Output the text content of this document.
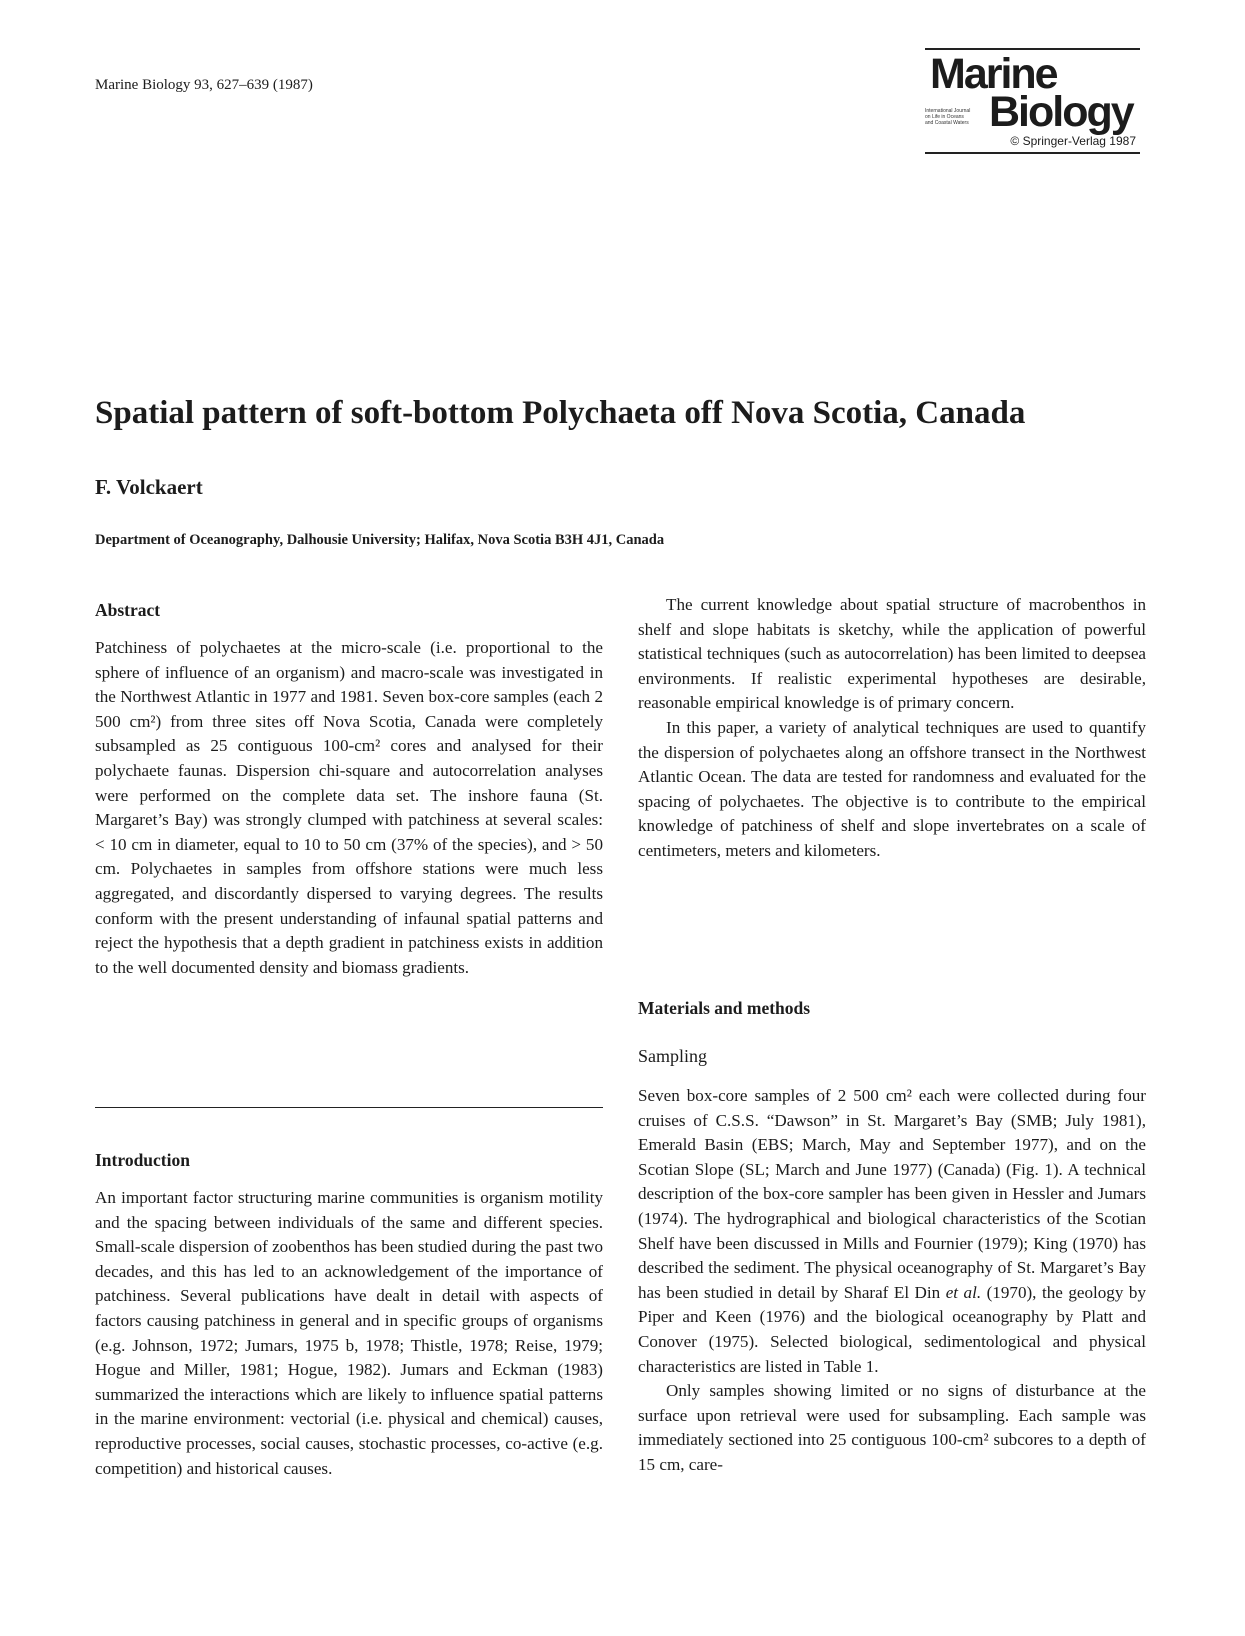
Marine Biology 93, 627–639 (1987)	Marine
International Journal
on Life in Oceans
and Coastal Waters Biology
© Springer-Verlag 1987
Spatial pattern of soft-bottom Polychaeta off Nova Scotia, Canada
F. Volckaert
Department of Oceanography, Dalhousie University; Halifax, Nova Scotia B3H 4J1, Canada
Abstract

Patchiness of polychaetes at the micro-scale (i.e. proportional to the sphere of influence of an organism) and macro-scale was investigated in the Northwest Atlantic in 1977 and 1981. Seven box-core samples (each 2 500 cm²) from three sites off Nova Scotia, Canada were completely subsampled as 25 contiguous 100-cm² cores and analysed for their polychaete faunas. Dispersion chi-square and autocorrelation analyses were performed on the complete data set. The inshore fauna (St. Margaret’s Bay) was strongly clumped with patchiness at several scales: < 10 cm in diameter, equal to 10 to 50 cm (37% of the species), and > 50 cm. Polychaetes in samples from offshore stations were much less aggregated, and discordantly dispersed to varying degrees. The results conform with the present understanding of infaunal spatial patterns and reject the hypothesis that a depth gradient in patchiness exists in addition to the well documented density and biomass gradients.

Introduction

An important factor structuring marine communities is organism motility and the spacing between individuals of the same and different species. Small-scale dispersion of zoobenthos has been studied during the past two decades, and this has led to an acknowledgement of the importance of patchiness. Several publications have dealt in detail with aspects of factors causing patchiness in general and in specific groups of organisms (e.g. Johnson, 1972; Jumars, 1975 b, 1978; Thistle, 1978; Reise, 1979; Hogue and Miller, 1981; Hogue, 1982). Jumars and Eckman (1983) summarized the interactions which are likely to influence spatial patterns in the marine environment: vectorial (i.e. physical and chemical) causes, reproductive processes, social causes, stochastic processes, co-active (e.g. competition) and historical causes.

The current knowledge about spatial structure of macrobenthos in shelf and slope habitats is sketchy, while the application of powerful statistical techniques (such as autocorrelation) has been limited to deepsea environments. If realistic experimental hypotheses are desirable, reasonable empirical knowledge is of primary concern.

In this paper, a variety of analytical techniques are used to quantify the dispersion of polychaetes along an offshore transect in the Northwest Atlantic Ocean. The data are tested for randomness and evaluated for the spacing of polychaetes. The objective is to contribute to the empirical knowledge of patchiness of shelf and slope invertebrates on a scale of centimeters, meters and kilometers.

Materials and methods
Sampling

Seven box-core samples of 2 500 cm² each were collected during four cruises of C.S.S. “Dawson” in St. Margaret’s Bay (SMB; July 1981), Emerald Basin (EBS; March, May and September 1977), and on the Scotian Slope (SL; March and June 1977) (Canada) (Fig. 1). A technical description of the box-core sampler has been given in Hessler and Jumars (1974). The hydrographical and biological characteristics of the Scotian Shelf have been discussed in Mills and Fournier (1979); King (1970) has described the sediment. The physical oceanography of St. Margaret’s Bay has been studied in detail by Sharaf El Din et al. (1970), the geology by Piper and Keen (1976) and the biological oceanography by Platt and Conover (1975). Selected biological, sedimentological and physical characteristics are listed in Table 1.

Only samples showing limited or no signs of disturbance at the surface upon retrieval were used for subsampling. Each sample was immediately sectioned into 25 contiguous 100-cm² subcores to a depth of 15 cm, care-
